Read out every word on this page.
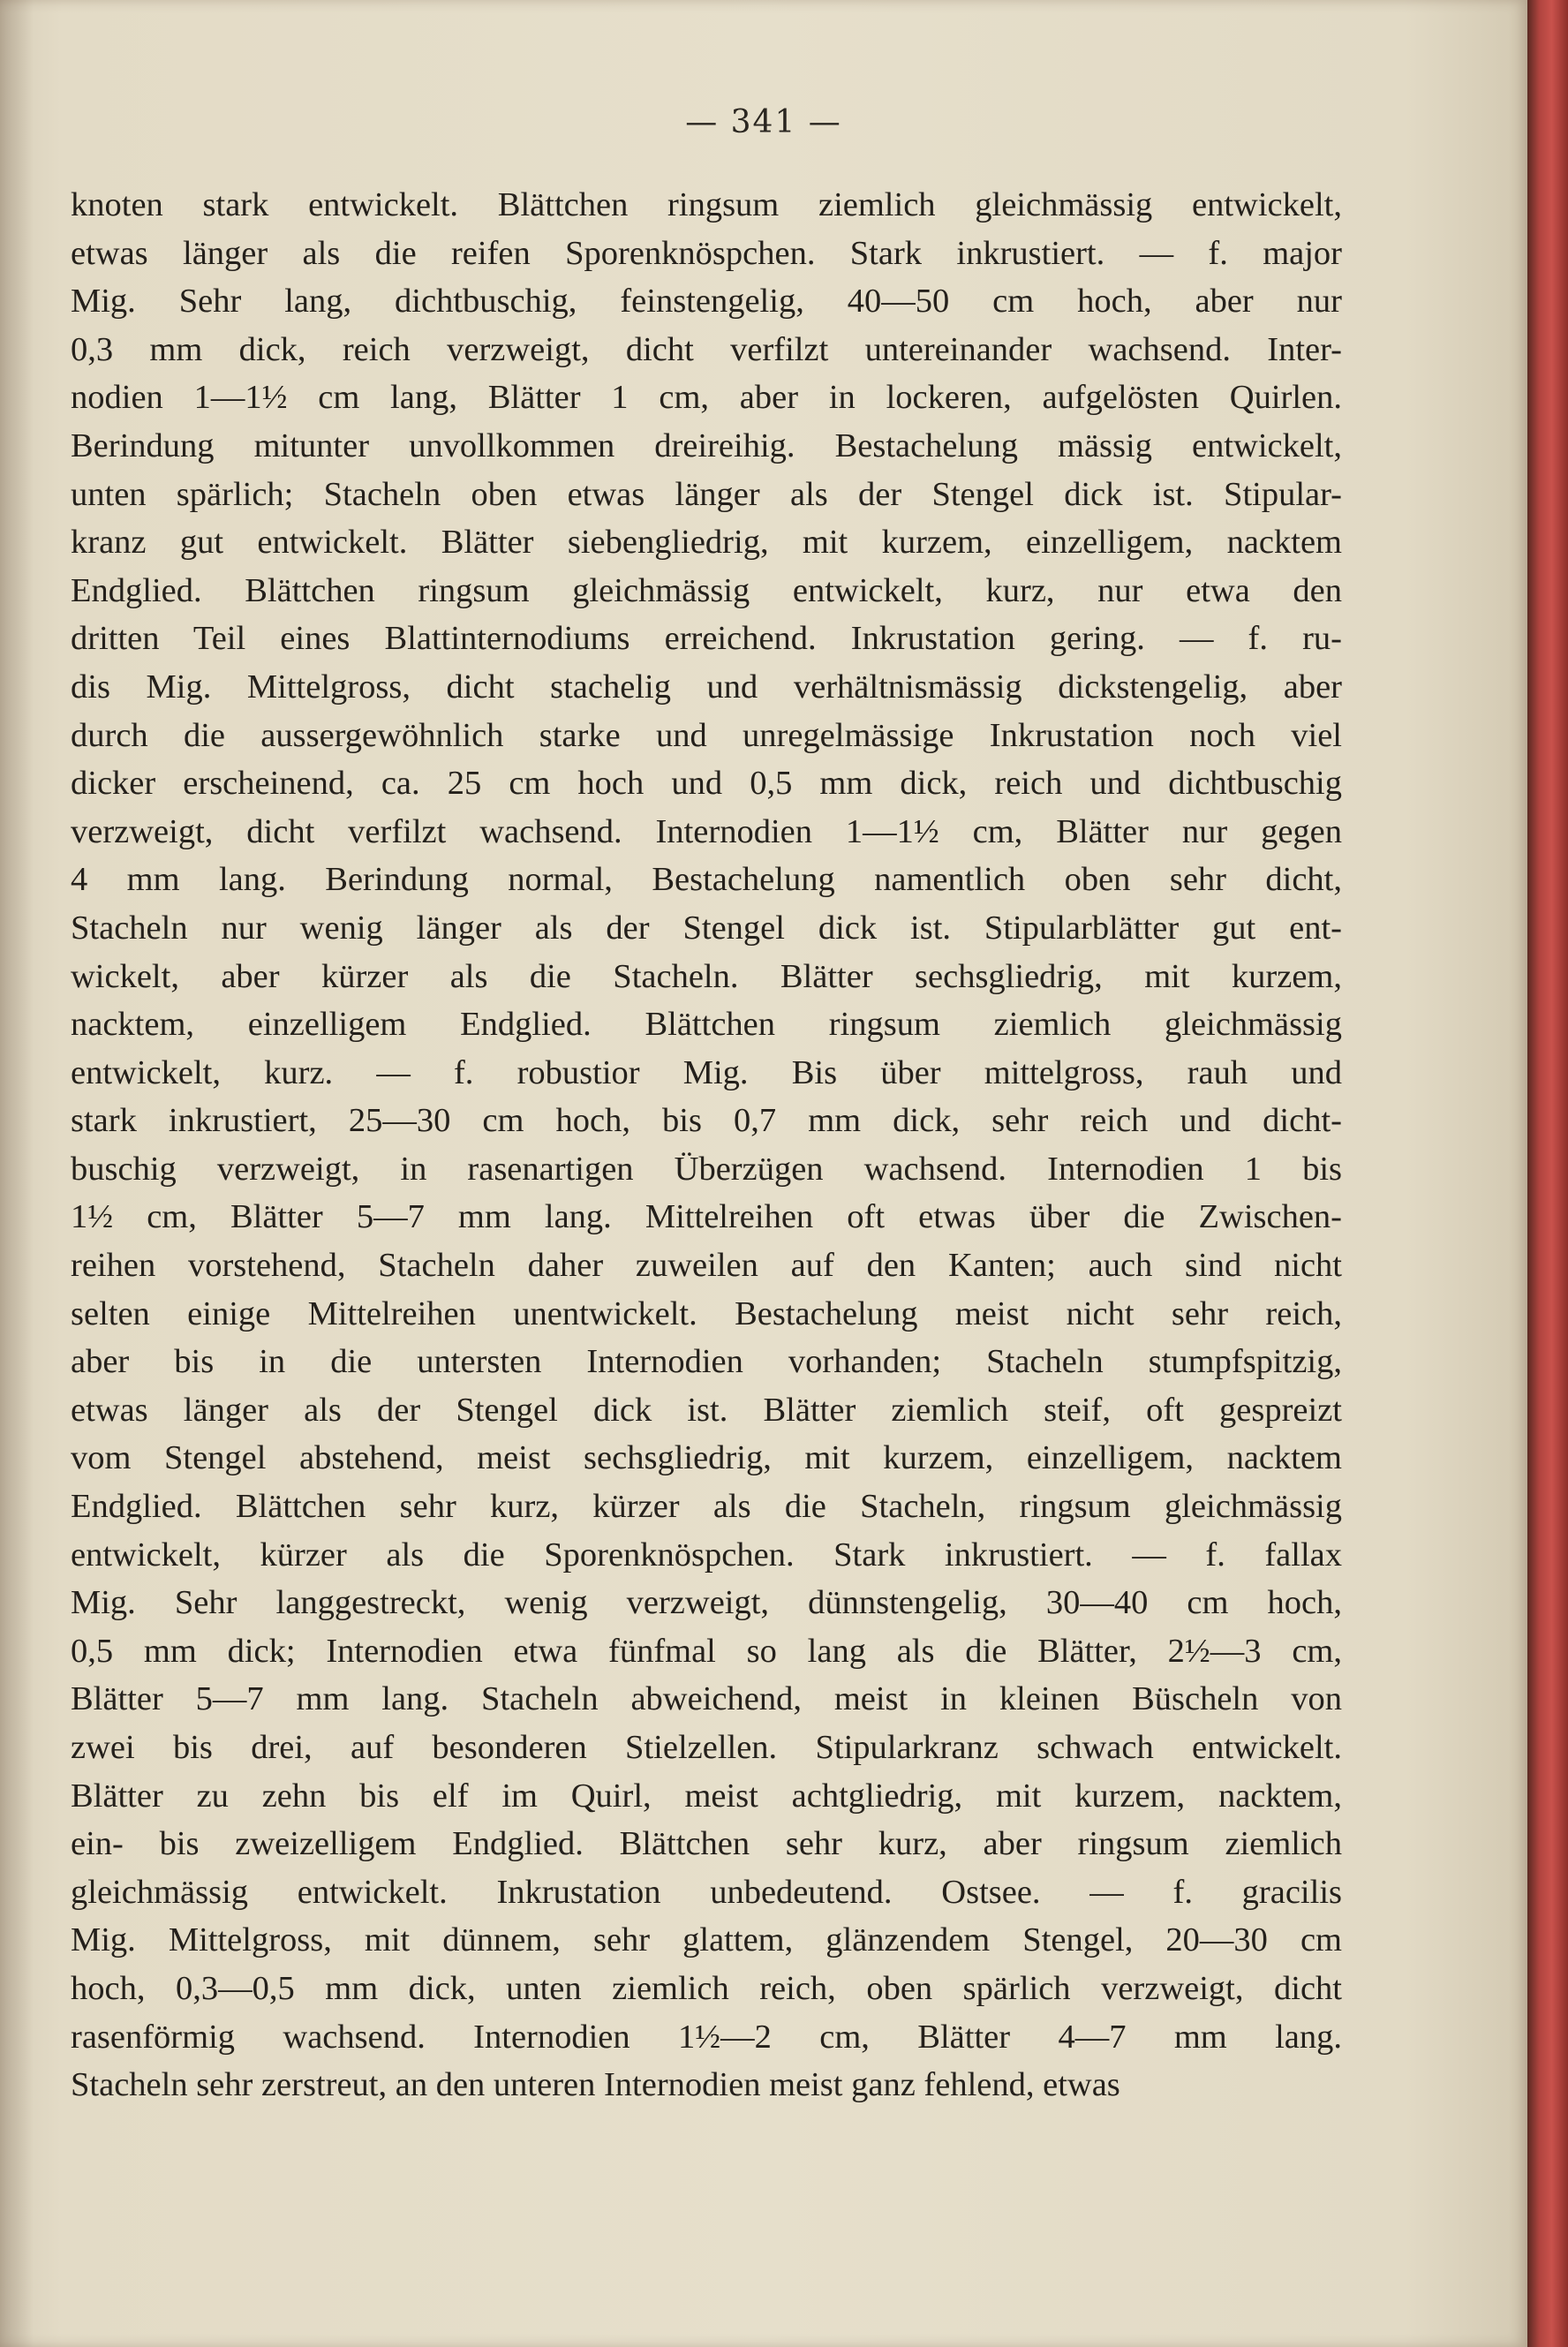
— 341 —
knoten stark entwickelt. Blättchen ringsum ziemlich gleichmässig entwickelt,
etwas länger als die reifen Sporenknöspchen. Stark inkrustiert. — f. major
Mig. Sehr lang, dichtbuschig, feinstengelig, 40—50 cm hoch, aber nur
0,3 mm dick, reich verzweigt, dicht verfilzt untereinander wachsend. Inter-
nodien 1—1½ cm lang, Blätter 1 cm, aber in lockeren, aufgelösten Quirlen.
Berindung mitunter unvollkommen dreireihig. Bestachelung mässig entwickelt,
unten spärlich; Stacheln oben etwas länger als der Stengel dick ist. Stipular-
kranz gut entwickelt. Blätter siebengliedrig, mit kurzem, einzelligem, nacktem
Endglied. Blättchen ringsum gleichmässig entwickelt, kurz, nur etwa den
dritten Teil eines Blattinternodiums erreichend. Inkrustation gering. — f. ru-
dis Mig. Mittelgross, dicht stachelig und verhältnismässig dickstengelig, aber
durch die aussergewöhnlich starke und unregelmässige Inkrustation noch viel
dicker erscheinend, ca. 25 cm hoch und 0,5 mm dick, reich und dichtbuschig
verzweigt, dicht verfilzt wachsend. Internodien 1—1½ cm, Blätter nur gegen
4 mm lang. Berindung normal, Bestachelung namentlich oben sehr dicht,
Stacheln nur wenig länger als der Stengel dick ist. Stipularblätter gut ent-
wickelt, aber kürzer als die Stacheln. Blätter sechsgliedrig, mit kurzem,
nacktem, einzelligem Endglied. Blättchen ringsum ziemlich gleichmässig
entwickelt, kurz. — f. robustior Mig. Bis über mittelgross, rauh und
stark inkrustiert, 25—30 cm hoch, bis 0,7 mm dick, sehr reich und dicht-
buschig verzweigt, in rasenartigen Überzügen wachsend. Internodien 1 bis
1½ cm, Blätter 5—7 mm lang. Mittelreihen oft etwas über die Zwischen-
reihen vorstehend, Stacheln daher zuweilen auf den Kanten; auch sind nicht
selten einige Mittelreihen unentwickelt. Bestachelung meist nicht sehr reich,
aber bis in die untersten Internodien vorhanden; Stacheln stumpfspitzig,
etwas länger als der Stengel dick ist. Blätter ziemlich steif, oft gespreizt
vom Stengel abstehend, meist sechsgliedrig, mit kurzem, einzelligem, nacktem
Endglied. Blättchen sehr kurz, kürzer als die Stacheln, ringsum gleichmässig
entwickelt, kürzer als die Sporenknöspchen. Stark inkrustiert. — f. fallax
Mig. Sehr langgestreckt, wenig verzweigt, dünnstengelig, 30—40 cm hoch,
0,5 mm dick; Internodien etwa fünfmal so lang als die Blätter, 2½—3 cm,
Blätter 5—7 mm lang. Stacheln abweichend, meist in kleinen Büscheln von
zwei bis drei, auf besonderen Stielzellen. Stipularkranz schwach entwickelt.
Blätter zu zehn bis elf im Quirl, meist achtgliedrig, mit kurzem, nacktem,
ein- bis zweizelligem Endglied. Blättchen sehr kurz, aber ringsum ziemlich
gleichmässig entwickelt. Inkrustation unbedeutend. Ostsee. — f. gracilis
Mig. Mittelgross, mit dünnem, sehr glattem, glänzendem Stengel, 20—30 cm
hoch, 0,3—0,5 mm dick, unten ziemlich reich, oben spärlich verzweigt, dicht
rasenförmig wachsend. Internodien 1½—2 cm, Blätter 4—7 mm lang.
Stacheln sehr zerstreut, an den unteren Internodien meist ganz fehlend, etwas
